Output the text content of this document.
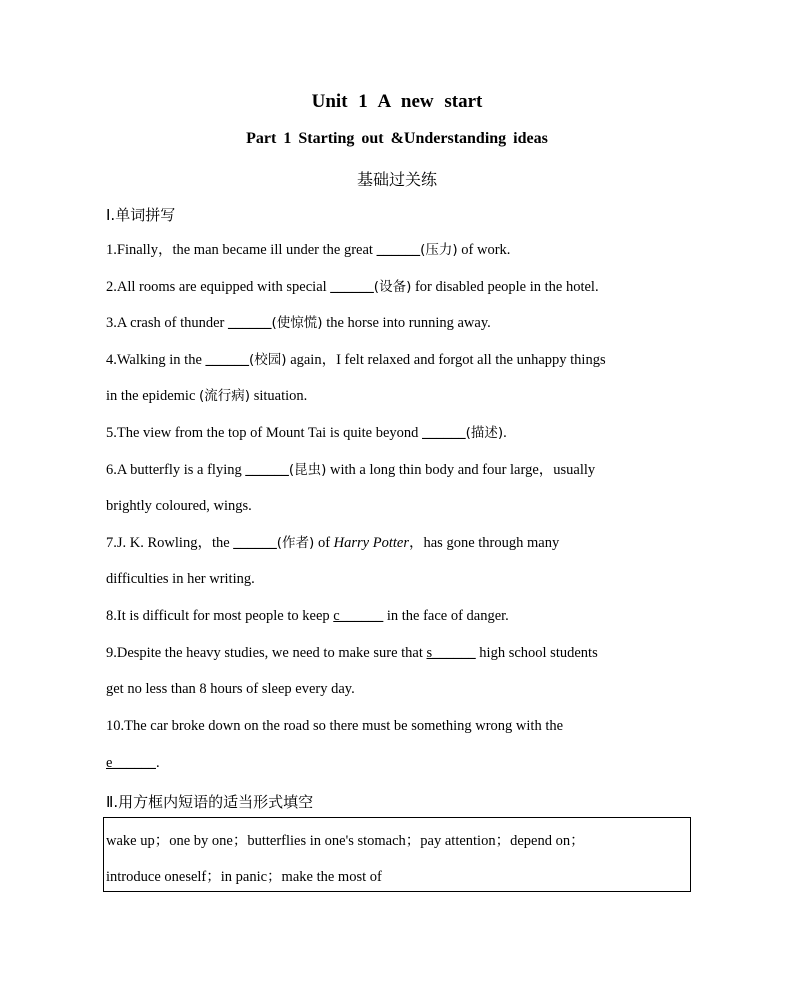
Unit 1 A new start
Part 1 Starting out &Understanding ideas
基础过关练
Ⅰ.单词拼写
1.Finally，the man became ill under the great ______(压力) of work.
2.All rooms are equipped with special ______(设备) for disabled people in the hotel.
3.A crash of thunder ______(使惊慌) the horse into running away.
4.Walking in the ______(校园) again，I felt relaxed and forgot all the unhappy things
in the epidemic (流行病) situation.
5.The view from the top of Mount Tai is quite beyond ______(描述).
6.A butterfly is a flying ______(昆虫) with a long thin body and four large，usually
brightly coloured, wings.
7.J. K. Rowling，the ______(作者) of Harry Potter，has gone through many
difficulties in her writing.
8.It is difficult for most people to keep c______ in the face of danger.
9.Despite the heavy studies, we need to make sure that s______ high school students
get no less than 8 hours of sleep every day.
10.The car broke down on the road so there must be something wrong with the
e______.
Ⅱ.用方框内短语的适当形式填空
wake up；one by one；butterflies in one's stomach；pay attention；depend on；
introduce oneself；in panic；make the most of
